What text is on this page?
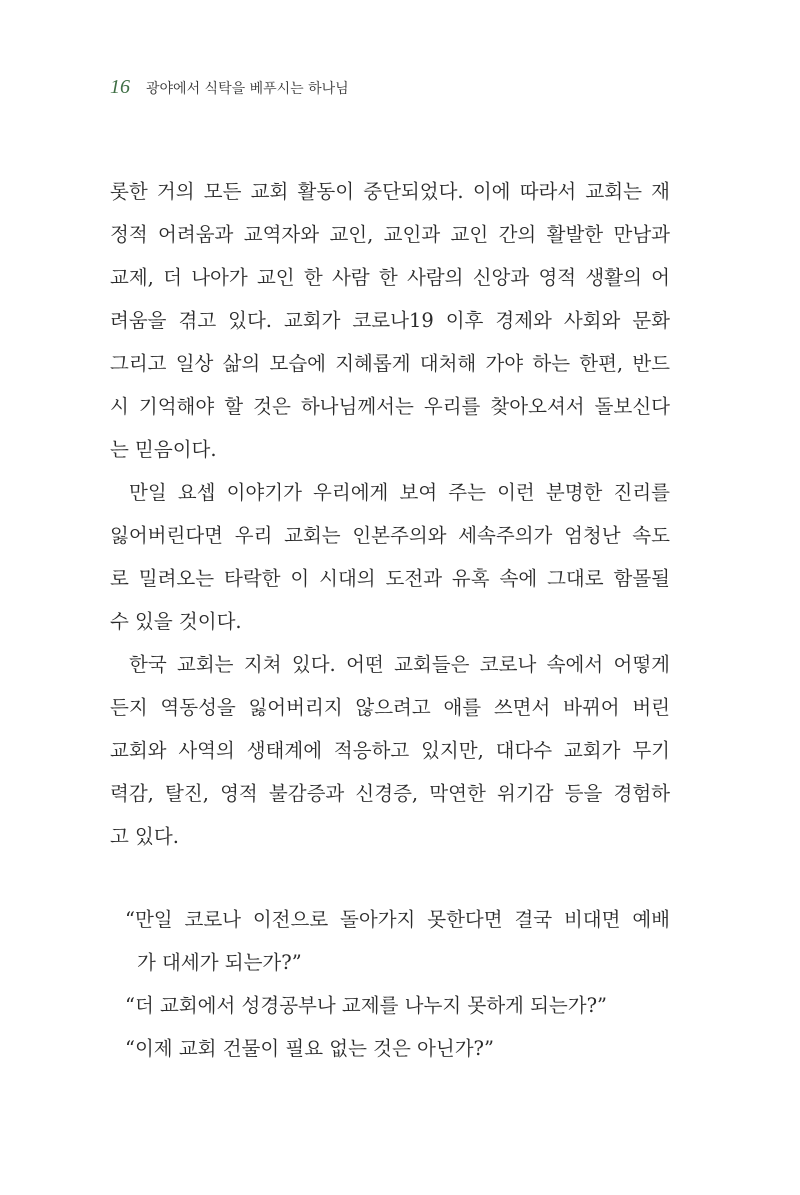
16 광야에서 식탁을 베푸시는 하나님
롯한 거의 모든 교회 활동이 중단되었다. 이에 따라서 교회는 재
정적 어려움과 교역자와 교인, 교인과 교인 간의 활발한 만남과
교제, 더 나아가 교인 한 사람 한 사람의 신앙과 영적 생활의 어
려움을 겪고 있다. 교회가 코로나19 이후 경제와 사회와 문화
그리고 일상 삶의 모습에 지혜롭게 대처해 가야 하는 한편, 반드
시 기억해야 할 것은 하나님께서는 우리를 찾아오셔서 돌보신다
는 믿음이다.
만일 요셉 이야기가 우리에게 보여 주는 이런 분명한 진리를
잃어버린다면 우리 교회는 인본주의와 세속주의가 엄청난 속도
로 밀려오는 타락한 이 시대의 도전과 유혹 속에 그대로 함몰될
수 있을 것이다.
한국 교회는 지쳐 있다. 어떤 교회들은 코로나 속에서 어떻게
든지 역동성을 잃어버리지 않으려고 애를 쓰면서 바뀌어 버린
교회와 사역의 생태계에 적응하고 있지만, 대다수 교회가 무기
력감, 탈진, 영적 불감증과 신경증, 막연한 위기감 등을 경험하
고 있다.
“만일 코로나 이전으로 돌아가지 못한다면 결국 비대면 예배
가 대세가 되는가?”
“더 교회에서 성경공부나 교제를 나누지 못하게 되는가?”
“이제 교회 건물이 필요 없는 것은 아닌가?”
